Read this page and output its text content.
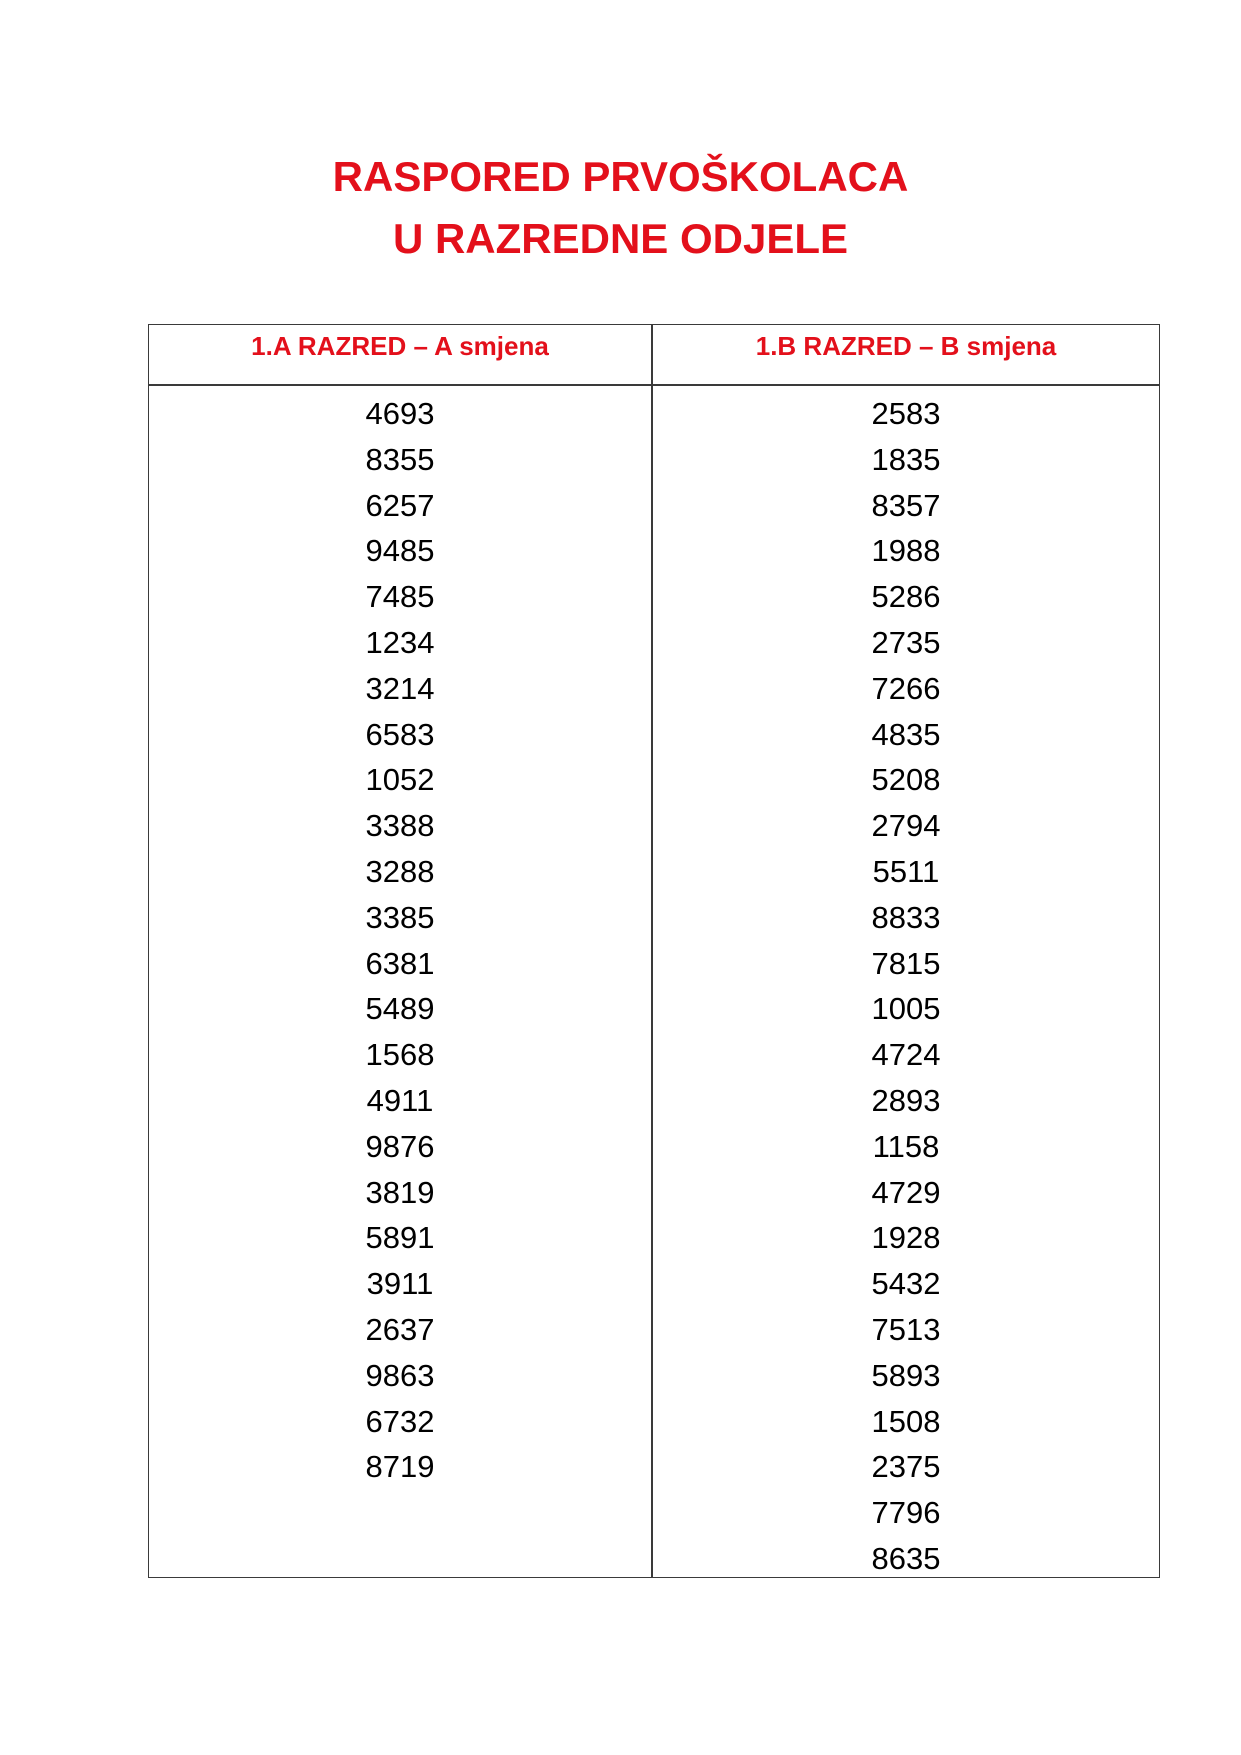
RASPORED PRVOŠKOLACA
U RAZREDNE ODJELE
1.A RAZRED – A smjena	1.B RAZRED – B smjena
4693
8355
6257
9485
7485
1234
3214
6583
1052
3388
3288
3385
6381
5489
1568
4911
9876
3819
5891
3911
2637
9863
6732
8719
2583
1835
8357
1988
5286
2735
7266
4835
5208
2794
5511
8833
7815
1005
4724
2893
1158
4729
1928
5432
7513
5893
1508
2375
7796
8635
